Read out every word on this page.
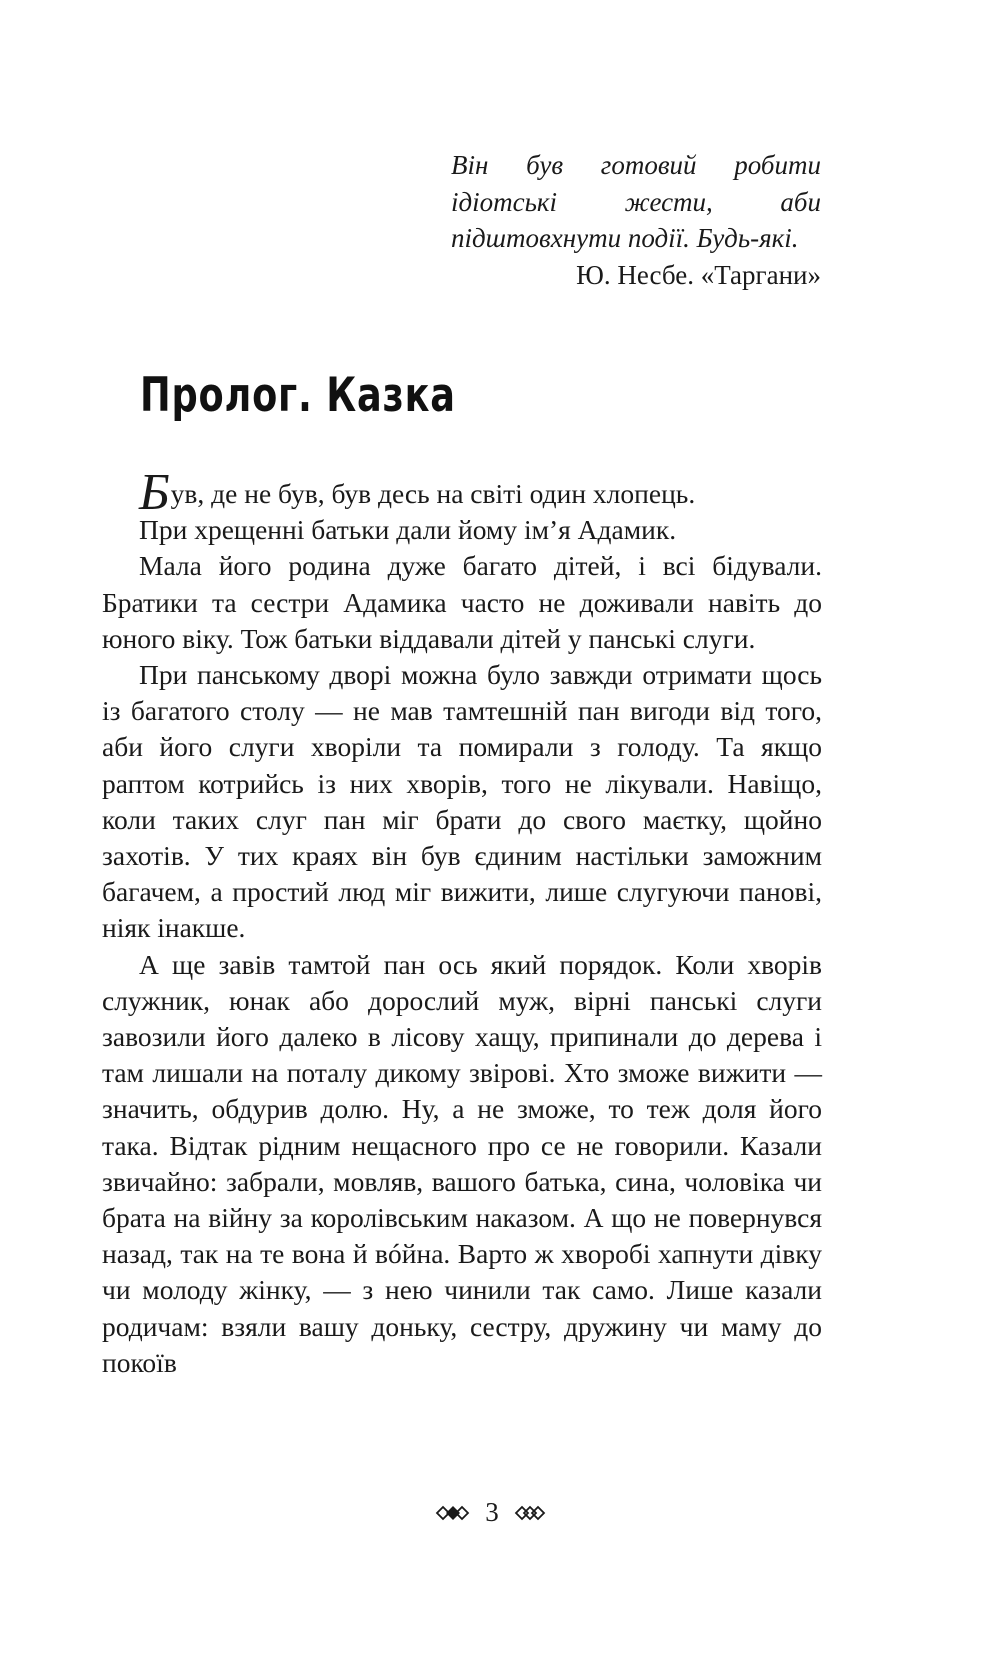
Він був готовий робити ідіотські жести, аби підштовхнути події. Будь-які.
Ю. Несбе. «Таргани»
Пролог. Казка

Був, де не був, був десь на світі один хлопець.

При хрещенні батьки дали йому ім’я Адамик.

Мала його родина дуже багато дітей, і всі бідували. Братики та сестри Адамика часто не доживали навіть до юного віку. Тож батьки віддавали дітей у панські слуги.

При панському дворі можна було завжди отримати щось із багатого столу — не мав тамтешній пан вигоди від того, аби його слуги хворіли та помирали з голоду. Та якщо раптом котрийсь із них хворів, того не лікували. Навіщо, коли таких слуг пан міг брати до свого маєтку, щойно захотів. У тих краях він був єдиним настільки заможним багачем, а простий люд міг вижити, лише слугуючи панові, ніяк інакше.

А ще завів тамтой пан ось який порядок. Коли хворів служник, юнак або дорослий муж, вірні панські слуги завозили його далеко в лісову хащу, припинали до дерева і там лишали на поталу дикому звірові. Хто зможе вижити — значить, обдурив долю. Ну, а не зможе, то теж доля його така. Відтак рідним нещасного про се не говорили. Казали звичайно: забрали, мовляв, вашого батька, сина, чоловіка чи брата на війну за королівським наказом. А що не повернувся назад, так на те вона й вóйна. Варто ж хворобі хапнути дівку чи молоду жінку, — з нею чинили так само. Лише казали родичам: взяли вашу доньку, сестру, дружину чи маму до покоїв

3
